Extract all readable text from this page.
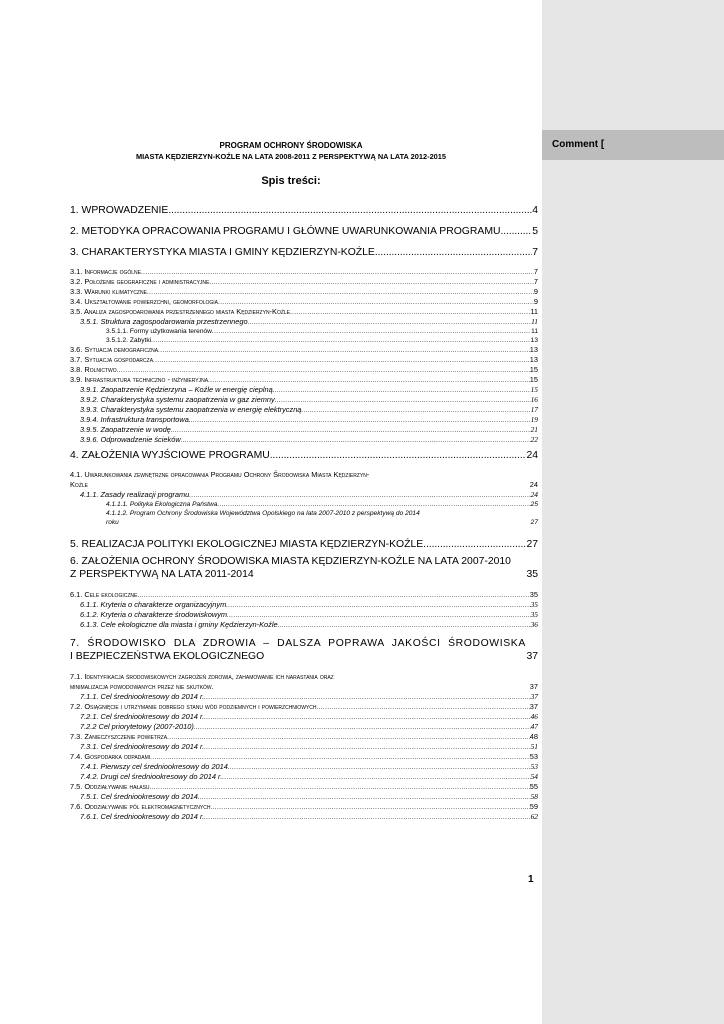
PROGRAM OCHRONY ŚRODOWISKA
MIASTA KĘDZIERZYN-KOŹLE NA LATA 2008-2011 Z PERSPEKTYWĄ NA LATA 2012-2015
Spis treści:
1. WPROWADZENIE .....	4
2. METODYKA OPRACOWANIA PROGRAMU I GŁÓWNE UWARUNKOWANIA PROGRAMU .....	5
3. CHARAKTERYSTYKA MIASTA I GMINY KĘDZIERZYN-KOŹLE .....	7
3.1. Informacje ogólne .....	7
3.2. Położenie geograficzne i administracyjne .....	7
3.3. Warunki klimatyczne .....	9
3.4. Ukształtowanie powierzchni, geomorfologia .....	9
3.5. Analiza zagospodarowania przestrzennego miasta Kędzierzyn-Koźle .....	11
3.5.1. Struktura zagospodarowania przestrzennego .....	11
3.5.1.1. Formy użytkowania terenów .....	11
3.5.1.2. Zabytki .....	13
3.6. Sytuacja demograficzna .....	13
3.7. Sytuacja gospodarcza .....	13
3.8. Rolnictwo .....	15
3.9. Infrastruktura techniczno - inżynieryjna .....	15
3.9.1. Zaopatrzenie Kędzierzyna – Koźle w energię cieplną. .....	15
3.9.2. Charakterystyka systemu zaopatrzenia w gaz ziemny .....	16
3.9.3. Charakterystyka systemu zaopatrzenia w energię elektryczną .....	17
3.9.4. Infrastruktura transportowa. .....	19
3.9.5. Zaopatrzenie w wodę .....	21
3.9.6. Odprowadzenie ścieków .....	22
4. ZAŁOŻENIA WYJŚCIOWE PROGRAMU .....	24
4.1. Uwarunkowania zewnętrzne opracowania Programu Ochrony Środowiska Miasta Kędzierzyn-
Koźle	24
4.1.1. Zasady realizacji programu .....	24
4.1.1.1. Polityka Ekologiczna Państwa .....	25
4.1.1.2. Program Ochrony Środowiska Województwa Opolskiego na lata 2007-2010 z perspektywą do 2014
roku	27
5. REALIZACJA POLITYKI EKOLOGICZNEJ MIASTA KĘDZIERZYN-KOŹLE. .....	27
6. ZAŁOŻENIA OCHRONY ŚRODOWISKA MIASTA KĘDZIERZYN-KOŹLE NA LATA 2007-2010
Z PERSPEKTYWĄ NA LATA 2011-2014	35
6.1. Cele ekologiczne .....	35
6.1.1. Kryteria o charakterze organizacyjnym .....	35
6.1.2. Kryteria o charakterze środowiskowym .....	35
6.1.3. Cele ekologiczne dla miasta i gminy Kędzierzyn-Koźle .....	36
7. ŚRODOWISKO DLA ZDROWIA – DALSZA POPRAWA JAKOŚCI ŚRODOWISKA
I BEZPIECZEŃSTWA EKOLOGICZNEGO	37
7.1. Identyfikacja środowiskowych zagrożeń zdrowia, zahamowanie ich narastania oraz
minimalizacja powodowanych przez nie skutków.	37
7.1.1. Cel średniookresowy do 2014 r. .....	37
7.2. Osiągnięcie i utrzymanie dobrego stanu wód podziemnych i powierzchniowych .....	37
7.2.1. Cel średniookresowy do 2014 r. .....	46
7.2.2 Cel priorytetowy (2007-2010) .....	47
7.3. Zanieczyszczenie powietrza .....	48
7.3.1. Cel średniookresowy do 2014 r. .....	51
7.4. Gospodarka odpadami .....	53
7.4.1. Pierwszy cel średniookresowy do 2014 .....	53
7.4.2. Drugi cel średniookresowy do 2014 r. .....	54
7.5. Oddziaływanie hałasu .....	55
7.5.1. Cel średniookresowy do 2014. .....	58
7.6. Oddziaływanie pól elektromagnetycznych .....	59
7.6.1. Cel średniookresowy do 2014 r. .....	62
1
Comment [
